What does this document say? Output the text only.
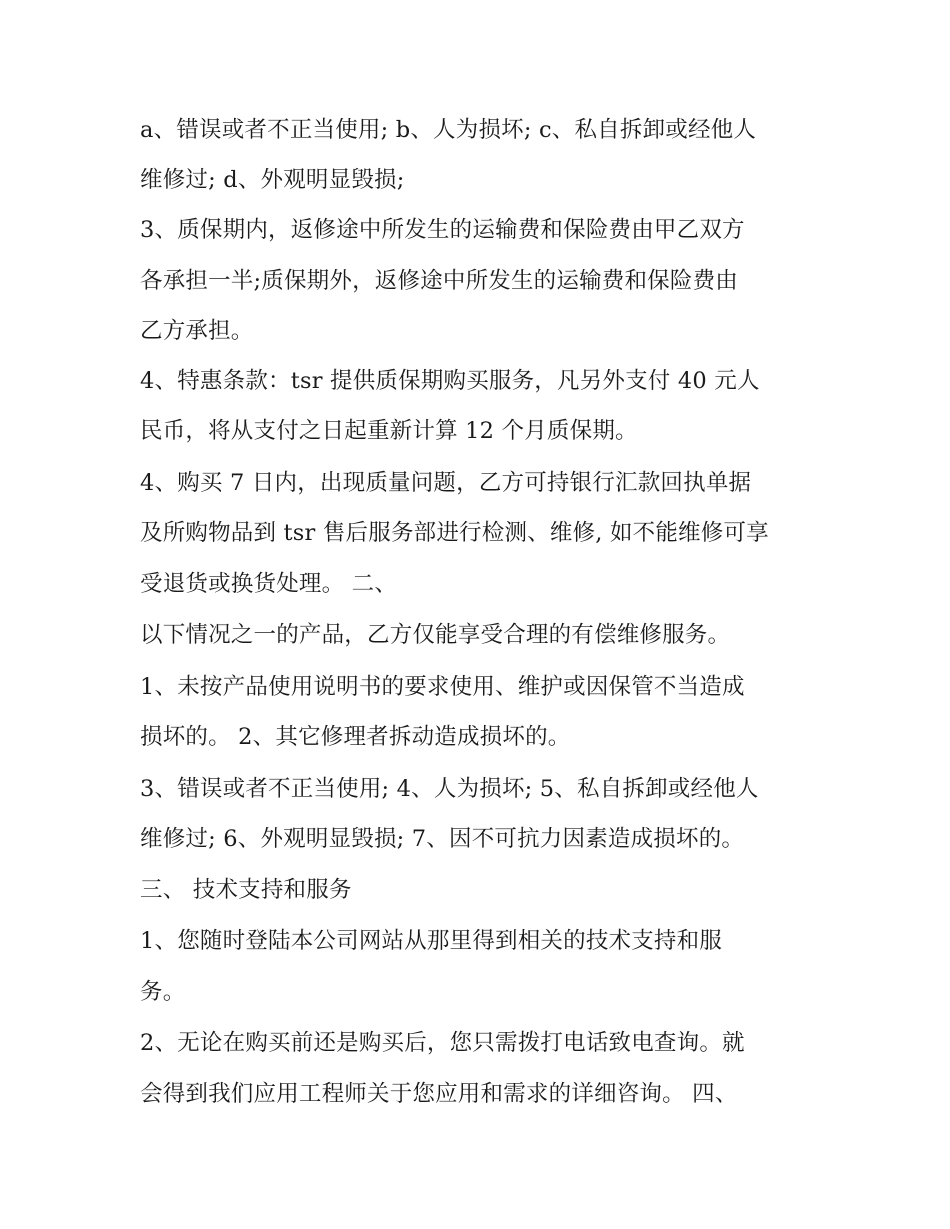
a、错误或者不正当使用; b、人为损坏; c、私自拆卸或经他人
维修过; d、外观明显毁损;
3、质保期内，返修途中所发生的运输费和保险费由甲乙双方
各承担一半;质保期外，返修途中所发生的运输费和保险费由
乙方承担。
4、特惠条款：tsr 提供质保期购买服务，凡另外支付 40 元人
民币，将从支付之日起重新计算 12 个月质保期。
4、购买 7 日内，出现质量问题，乙方可持银行汇款回执单据
及所购物品到 tsr 售后服务部进行检测、维修, 如不能维修可享
受退货或换货处理。 二、
以下情况之一的产品，乙方仅能享受合理的有偿维修服务。
1、未按产品使用说明书的要求使用、维护或因保管不当造成
损坏的。 2、其它修理者拆动造成损坏的。
3、错误或者不正当使用; 4、人为损坏; 5、私自拆卸或经他人
维修过; 6、外观明显毁损; 7、因不可抗力因素造成损坏的。
三、 技术支持和服务
1、您随时登陆本公司网站从那里得到相关的技术支持和服
务。
2、无论在购买前还是购买后，您只需拨打电话致电查询。就
会得到我们应用工程师关于您应用和需求的详细咨询。 四、
